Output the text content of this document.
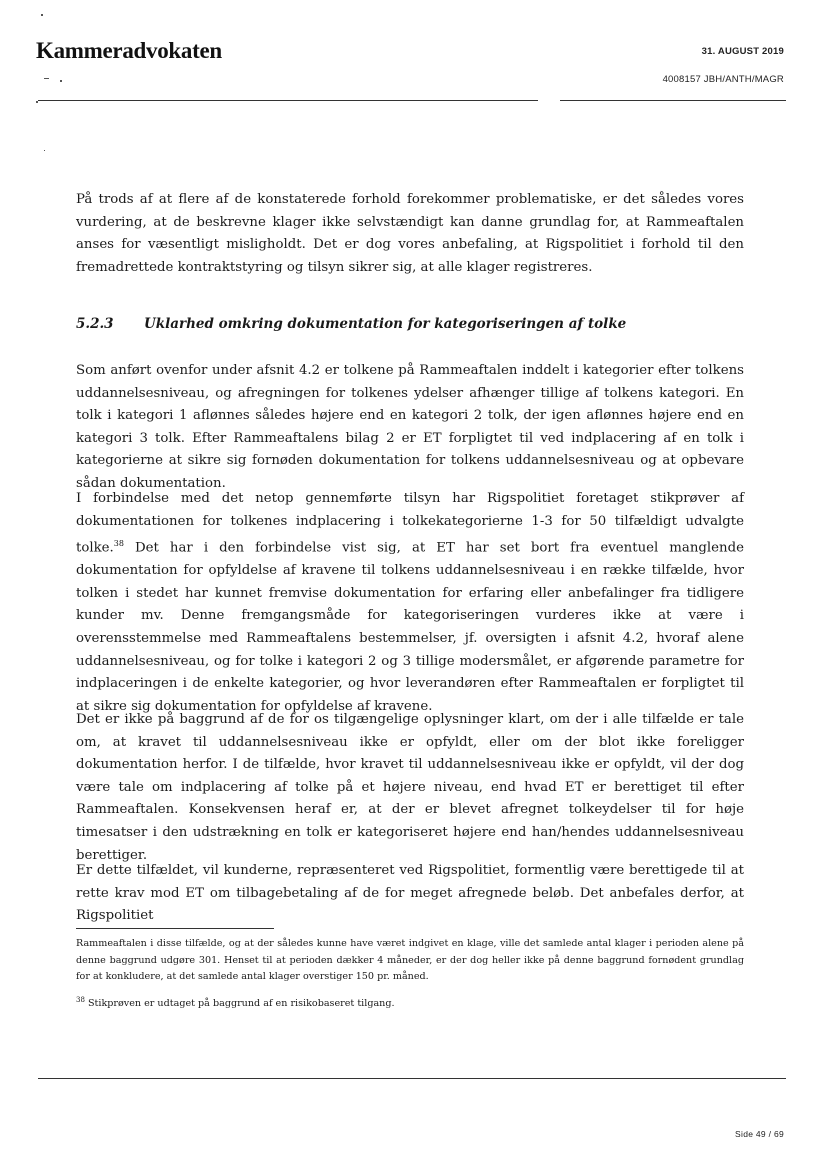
Kammeradvokaten	31. AUGUST 2019
4008157 JBH/ANTH/MAGR

På trods af at flere af de konstaterede forhold forekommer problematiske, er det således vores vurdering, at de beskrevne klager ikke selvstændigt kan danne grundlag for, at Rammeaftalen anses for væsentligt misligholdt. Det er dog vores anbefaling, at Rigspolitiet i forhold til den fremadrettede kontraktstyring og tilsyn sikrer sig, at alle klager registreres.

5.2.3 Uklarhed omkring dokumentation for kategoriseringen af tolke

Som anført ovenfor under afsnit 4.2 er tolkene på Rammeaftalen inddelt i kategorier efter tolkens uddannelsesniveau, og afregningen for tolkenes ydelser afhænger tillige af tolkens kategori. En tolk i kategori 1 aflønnes således højere end en kategori 2 tolk, der igen aflønnes højere end en kategori 3 tolk. Efter Rammeaftalens bilag 2 er ET forpligtet til ved indplacering af en tolk i kategorierne at sikre sig fornøden dokumentation for tolkens uddannelsesniveau og at opbevare sådan dokumentation.

I forbindelse med det netop gennemførte tilsyn har Rigspolitiet foretaget stikprøver af dokumentationen for tolkenes indplacering i tolkekategorierne 1-3 for 50 tilfældigt udvalgte tolke.$^{38}$ Det har i den forbindelse vist sig, at ET har set bort fra eventuel manglende dokumentation for opfyldelse af kravene til tolkens uddannelsesniveau i en række tilfælde, hvor tolken i stedet har kunnet fremvise dokumentation for erfaring eller anbefalinger fra tidligere kunder mv. Denne fremgangsmåde for kategoriseringen vurderes ikke at være i overensstemmelse med Rammeaftalens bestemmelser, jf. oversigten i afsnit 4.2, hvoraf alene uddannelsesniveau, og for tolke i kategori 2 og 3 tillige modersmålet, er afgørende parametre for indplaceringen i de enkelte kategorier, og hvor leverandøren efter Rammeaftalen er forpligtet til at sikre sig dokumentation for opfyldelse af kravene.

Det er ikke på baggrund af de for os tilgængelige oplysninger klart, om der i alle tilfælde er tale om, at kravet til uddannelsesniveau ikke er opfyldt, eller om der blot ikke foreligger dokumentation herfor. I de tilfælde, hvor kravet til uddannelsesniveau ikke er opfyldt, vil der dog være tale om indplacering af tolke på et højere niveau, end hvad ET er berettiget til efter Rammeaftalen. Konsekvensen heraf er, at der er blevet afregnet tolkeydelser til for høje timesatser i den udstrækning en tolk er kategoriseret højere end han/hendes uddannelsesniveau berettiger.

Er dette tilfældet, vil kunderne, repræsenteret ved Rigspolitiet, formentlig være berettigede til at rette krav mod ET om tilbagebetaling af de for meget afregnede beløb. Det anbefales derfor, at Rigspolitiet

Rammeaftalen i disse tilfælde, og at der således kunne have været indgivet en klage, ville det samlede antal klager i perioden alene på denne baggrund udgøre 301. Henset til at perioden dækker 4 måneder, er der dog heller ikke på denne baggrund fornødent grundlag for at konkludere, at det samlede antal klager overstiger 150 pr. måned.

$^{38}$ Stikprøven er udtaget på baggrund af en risikobaseret tilgang.

Side 49 / 69
